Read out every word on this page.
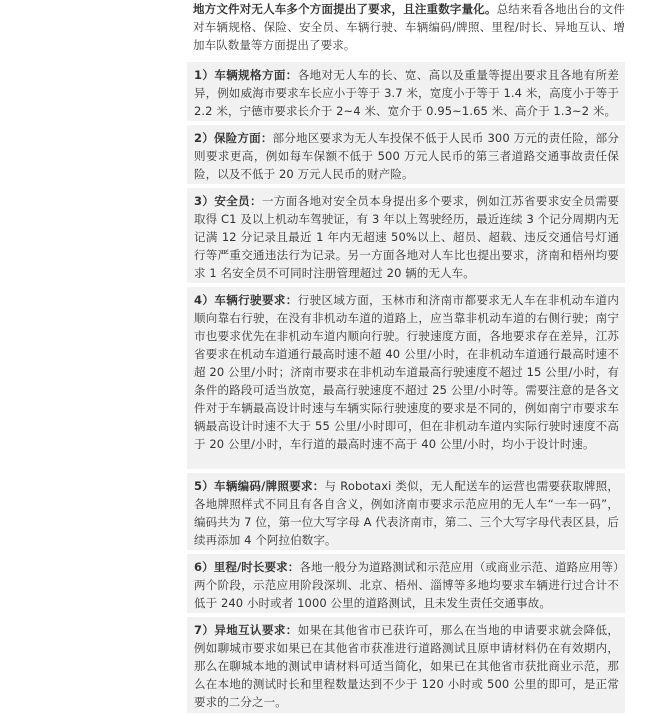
地方文件对无人车多个方面提出了要求，且注重数字量化。总结来看各地出台的文件对车辆规格、保险、安全员、车辆行驶、车辆编码/牌照、里程/时长、异地互认、增加车队数量等方面提出了要求。

1）车辆规格方面：各地对无人车的长、宽、高以及重量等提出要求且各地有所差异，例如威海市要求车长应小于等于 3.7 米，宽度小于等于 1.4 米，高度小于等于 2.2 米，宁德市要求长介于 2~4 米、宽介于 0.95~1.65 米、高介于 1.3~2 米。

2）保险方面：部分地区要求为无人车投保不低于人民币 300 万元的责任险，部分则要求更高，例如每车保额不低于 500 万元人民币的第三者道路交通事故责任保险，以及不低于 20 万元人民币的财产险。

3）安全员：一方面各地对安全员本身提出多个要求，例如江苏省要求安全员需要取得 C1 及以上机动车驾驶证，有 3 年以上驾驶经历，最近连续 3 个记分周期内无记满 12 分记录且最近 1 年内无超速 50%以上、超员、超载、违反交通信号灯通行等严重交通违法行为记录。另一方面各地对人车比也提出要求，济南和梧州均要求 1 名安全员不可同时注册管理超过 20 辆的无人车。

4）车辆行驶要求：行驶区域方面，玉林市和济南市都要求无人车在非机动车道内顺向靠右行驶，在没有非机动车道的道路上，应当靠非机动车道的右侧行驶；南宁市也要求优先在非机动车道内顺向行驶。行驶速度方面，各地要求存在差异，江苏省要求在机动车道通行最高时速不超 40 公里/小时，在非机动车道通行最高时速不超 20 公里/小时；济南市要求在非机动车道最高行驶速度不超过 15 公里/小时，有条件的路段可适当放宽，最高行驶速度不超过 25 公里/小时等。需要注意的是各文件对于车辆最高设计时速与车辆实际行驶速度的要求是不同的，例如南宁市要求车辆最高设计时速不大于 55 公里/小时即可，但在非机动车道内实际行驶时速度不高于 20 公里/小时，车行道的最高时速不高于 40 公里/小时，均小于设计时速。

5）车辆编码/牌照要求：与 Robotaxi 类似，无人配送车的运营也需要获取牌照，各地牌照样式不同且有各自含义，例如济南市要求示范应用的无人车“一车一码”，编码共为 7 位，第一位大写字母 A 代表济南市，第二、三个大写字母代表区县，后续再添加 4 个阿拉伯数字。

6）里程/时长要求：各地一般分为道路测试和示范应用（或商业示范、道路应用等）两个阶段，示范应用阶段深圳、北京、梧州、淄博等多地均要求车辆进行过合计不低于 240 小时或者 1000 公里的道路测试，且未发生责任交通事故。

7）异地互认要求：如果在其他省市已获许可，那么在当地的申请要求就会降低，例如聊城市要求如果已在其他省市获准进行道路测试且原申请材料仍在有效期内，那么在聊城本地的测试申请材料可适当简化，如果已在其他省市获批商业示范，那么在本地的测试时长和里程数量达到不少于 120 小时或 500 公里的即可，是正常要求的二分之一。
